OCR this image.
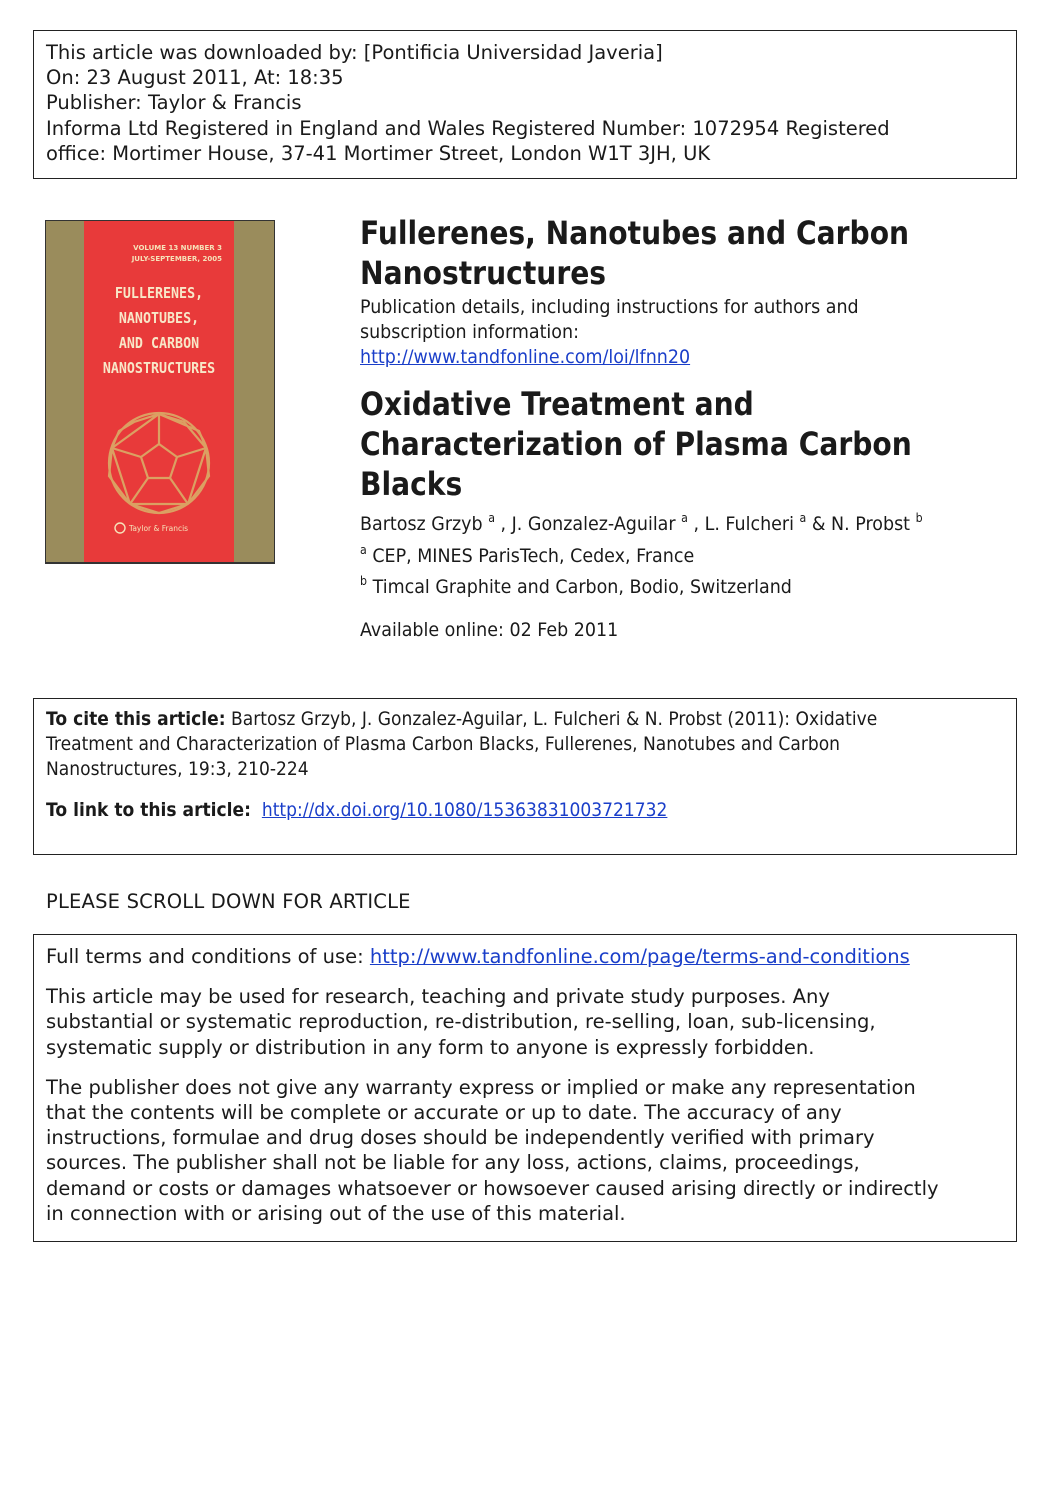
This article was downloaded by: [Pontificia Universidad Javeria]
On: 23 August 2011, At: 18:35
Publisher: Taylor & Francis
Informa Ltd Registered in England and Wales Registered Number: 1072954 Registered
office: Mortimer House, 37-41 Mortimer Street, London W1T 3JH, UK
VOLUME 13 NUMBER 3
JULY-SEPTEMBER, 2005
FULLERENES,
NANOTUBES,
AND CARBON
NANOSTRUCTURES
Taylor & Francis
Fullerenes, Nanotubes and Carbon
Nanostructures
Publication details, including instructions for authors and
subscription information:
http://www.tandfonline.com/loi/lfnn20
Oxidative Treatment and
Characterization of Plasma Carbon
Blacks
Bartosz Grzyb $^a$ , J. Gonzalez-Aguilar $^a$ , L. Fulcheri $^a$ & N. Probst $^b$
$^a$ CEP, MINES ParisTech, Cedex, France
$^b$ Timcal Graphite and Carbon, Bodio, Switzerland
Available online: 02 Feb 2011
To cite this article: Bartosz Grzyb, J. Gonzalez-Aguilar, L. Fulcheri & N. Probst (2011): Oxidative
Treatment and Characterization of Plasma Carbon Blacks, Fullerenes, Nanotubes and Carbon
Nanostructures, 19:3, 210-224
To link to this article: http://dx.doi.org/10.1080/15363831003721732
PLEASE SCROLL DOWN FOR ARTICLE

Full terms and conditions of use: http://www.tandfonline.com/page/terms-and-conditions

This article may be used for research, teaching and private study purposes. Any
substantial or systematic reproduction, re-distribution, re-selling, loan, sub-licensing,
systematic supply or distribution in any form to anyone is expressly forbidden.

The publisher does not give any warranty express or implied or make any representation
that the contents will be complete or accurate or up to date. The accuracy of any
instructions, formulae and drug doses should be independently verified with primary
sources. The publisher shall not be liable for any loss, actions, claims, proceedings,
demand or costs or damages whatsoever or howsoever caused arising directly or indirectly
in connection with or arising out of the use of this material.
